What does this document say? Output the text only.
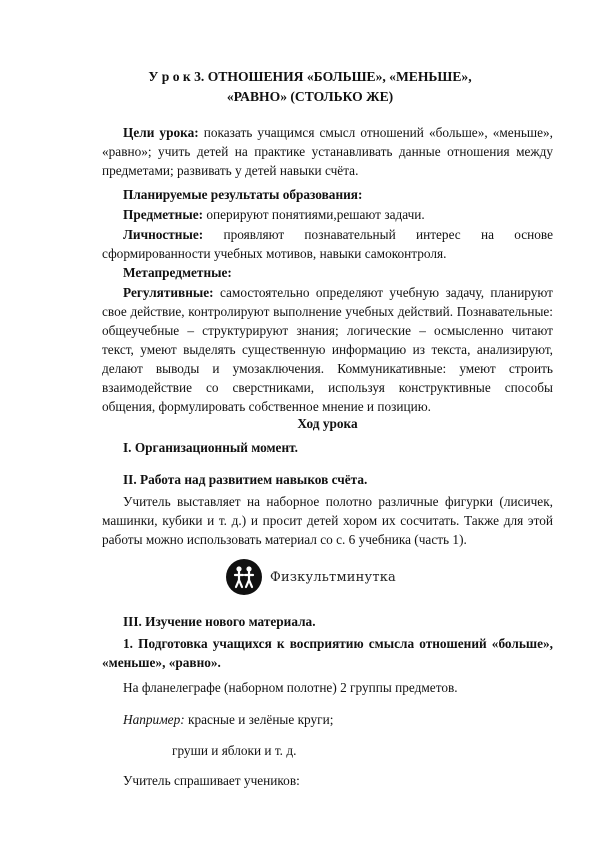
У р о к 3. ОТНОШЕНИЯ «БОЛЬШЕ», «МЕНЬШЕ»,
«РАВНО» (СТОЛЬКО ЖЕ)
Цели урока: показать учащимся смысл отношений «больше», «меньше», «равно»; учить детей на практике устанавливать данные отношения между предметами; развивать у детей навыки счёта.
Планируемые результаты образования:
Предметные: оперируют понятиями,решают задачи.
Личностные: проявляют познавательный интерес на основе сформированности учебных мотивов, навыки самоконтроля.
Метапредметные:
Регулятивные: самостоятельно определяют учебную задачу, планируют свое действие, контролируют выполнение учебных действий. Познавательные: общеучебные – структурируют знания; логические – осмысленно читают текст, умеют выделять существенную информацию из текста, анализируют, делают выводы и умозаключения. Коммуникативные: умеют строить взаимодействие со сверстниками, используя конструктивные способы общения, формулировать собственное мнение и позицию.
Ход урока
I. Организационный момент.
II. Работа над развитием навыков счёта.
Учитель выставляет на наборное полотно различные фигурки (лисичек, машинки, кубики и т. д.) и просит детей хором их сосчитать. Также для этой работы можно использовать материал со с. 6 учебника (часть 1).
Физкультминутка
III. Изучение нового материала.
1. Подготовка учащихся к восприятию смысла отношений «больше», «меньше», «равно».
На фланелеграфе (наборном полотне) 2 группы предметов.
Например: красные и зелёные круги;
груши и яблоки и т. д.
Учитель спрашивает учеников:
